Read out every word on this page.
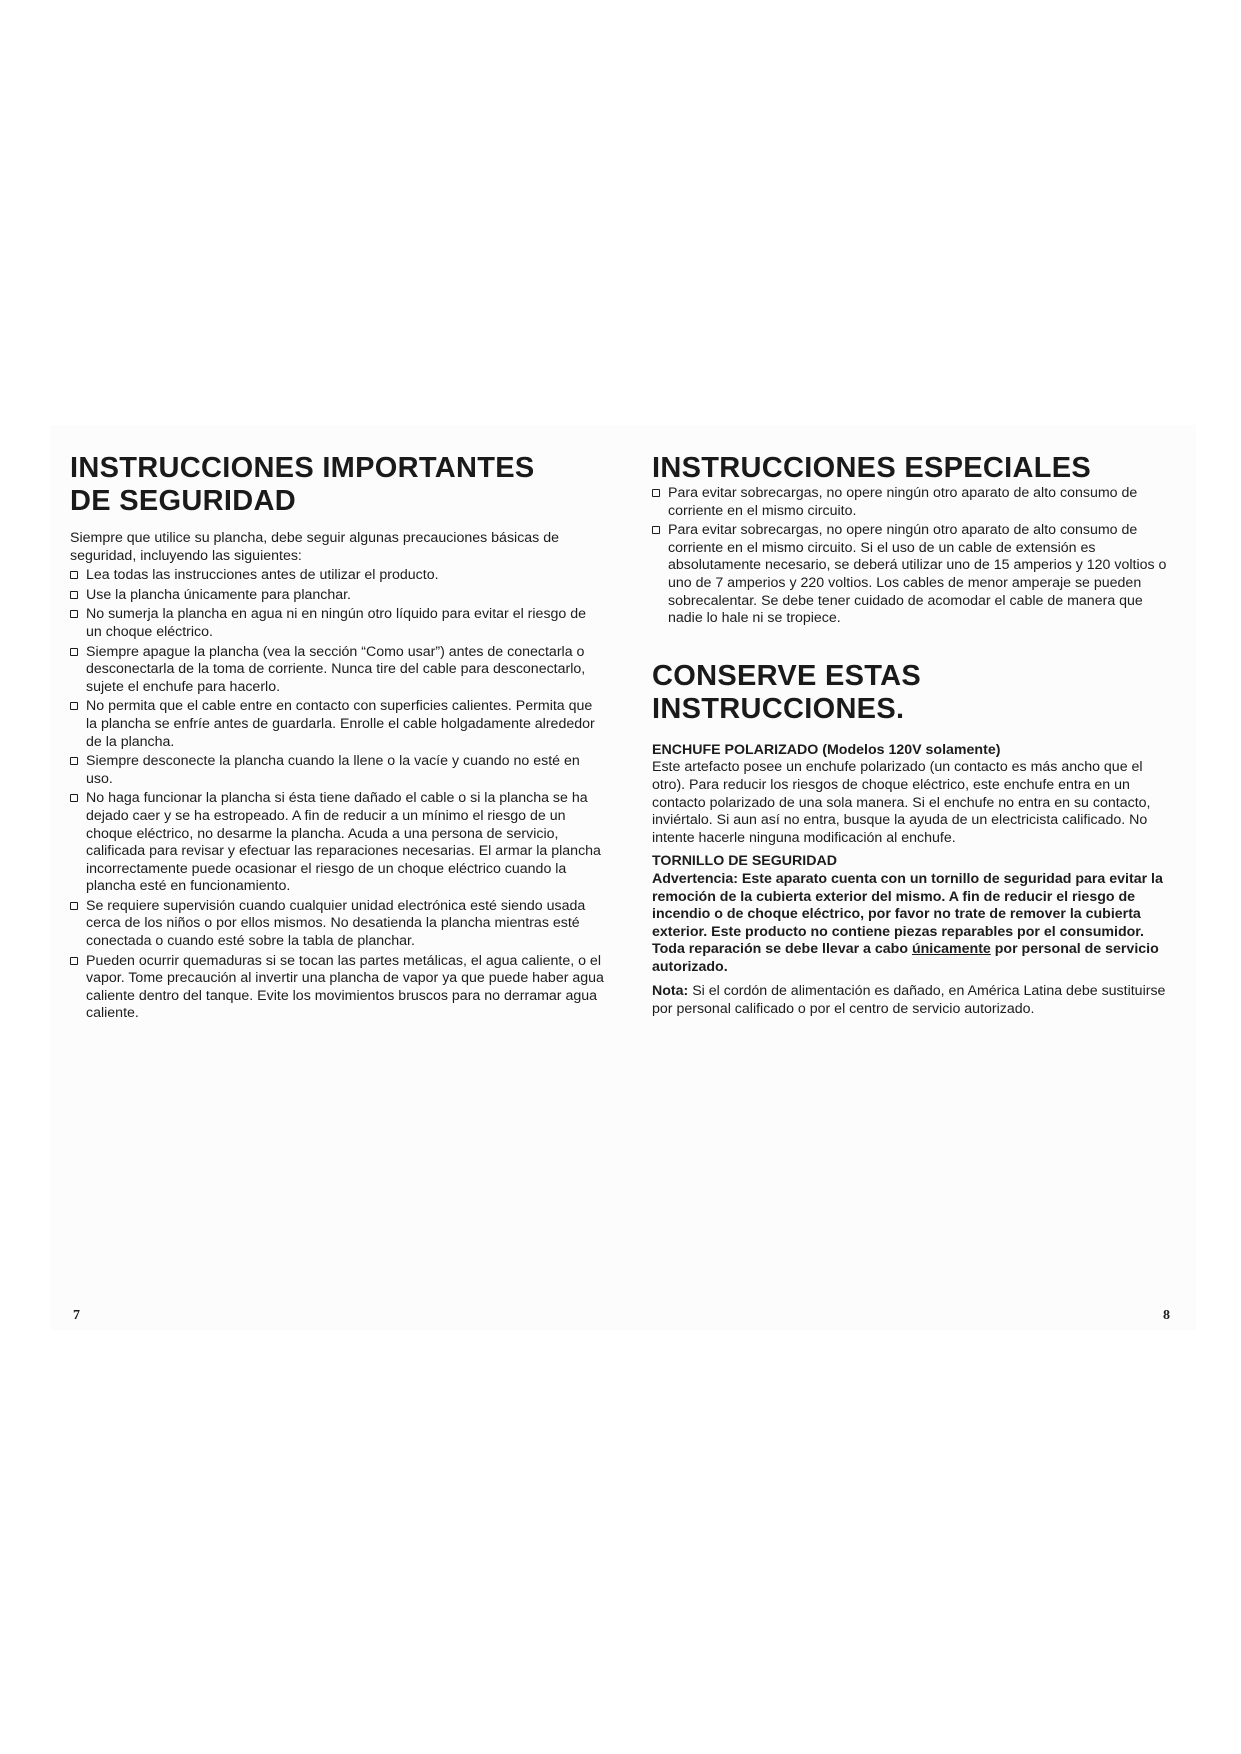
INSTRUCCIONES IMPORTANTES
DE SEGURIDAD

Siempre que utilice su plancha, debe seguir algunas precauciones básicas de seguridad, incluyendo las siguientes:

Lea todas las instrucciones antes de utilizar el producto.
Use la plancha únicamente para planchar.
No sumerja la plancha en agua ni en ningún otro líquido para evitar el riesgo de un choque eléctrico.
Siempre apague la plancha (vea la sección “Como usar”) antes de conectarla o desconectarla de la toma de corriente. Nunca tire del cable para desconectarlo, sujete el enchufe para hacerlo.
No permita que el cable entre en contacto con superficies calientes. Permita que la plancha se enfríe antes de guardarla. Enrolle el cable holgadamente alrededor de la plancha.
Siempre desconecte la plancha cuando la llene o la vacíe y cuando no esté en uso.
No haga funcionar la plancha si ésta tiene dañado el cable o si la plancha se ha dejado caer y se ha estropeado. A fin de reducir a un mínimo el riesgo de un choque eléctrico, no desarme la plancha. Acuda a una persona de servicio, calificada para revisar y efectuar las reparaciones necesarias. El armar la plancha incorrectamente puede ocasionar el riesgo de un choque eléctrico cuando la plancha esté en funcionamiento.
Se requiere supervisión cuando cualquier unidad electrónica esté siendo usada cerca de los niños o por ellos mismos. No desatienda la plancha mientras esté conectada o cuando esté sobre la tabla de planchar.
Pueden ocurrir quemaduras si se tocan las partes metálicas, el agua caliente, o el vapor. Tome precaución al invertir una plancha de vapor ya que puede haber agua caliente dentro del tanque. Evite los movimientos bruscos para no derramar agua caliente.
INSTRUCCIONES ESPECIALES
Para evitar sobrecargas, no opere ningún otro aparato de alto consumo de corriente en el mismo circuito.
Para evitar sobrecargas, no opere ningún otro aparato de alto consumo de corriente en el mismo circuito. Si el uso de un cable de extensión es absolutamente necesario, se deberá utilizar uno de 15 amperios y 120 voltios o uno de 7 amperios y 220 voltios. Los cables de menor amperaje se pueden sobrecalentar. Se debe tener cuidado de acomodar el cable de manera que nadie lo hale ni se tropiece.
CONSERVE ESTAS
INSTRUCCIONES.
ENCHUFE POLARIZADO (Modelos 120V solamente)

Este artefacto posee un enchufe polarizado (un contacto es más ancho que el otro). Para reducir los riesgos de choque eléctrico, este enchufe entra en un contacto polarizado de una sola manera. Si el enchufe no entra en su contacto, inviértalo. Si aun así no entra, busque la ayuda de un electricista calificado. No intente hacerle ninguna modificación al enchufe.

TORNILLO DE SEGURIDAD

Advertencia: Este aparato cuenta con un tornillo de seguridad para evitar la remoción de la cubierta exterior del mismo. A fin de reducir el riesgo de incendio o de choque eléctrico, por favor no trate de remover la cubierta exterior. Este producto no contiene piezas reparables por el consumidor. Toda reparación se debe llevar a cabo únicamente por personal de servicio autorizado.

Nota: Si el cordón de alimentación es dañado, en América Latina debe sustituirse por personal calificado o por el centro de servicio autorizado.

7	8
